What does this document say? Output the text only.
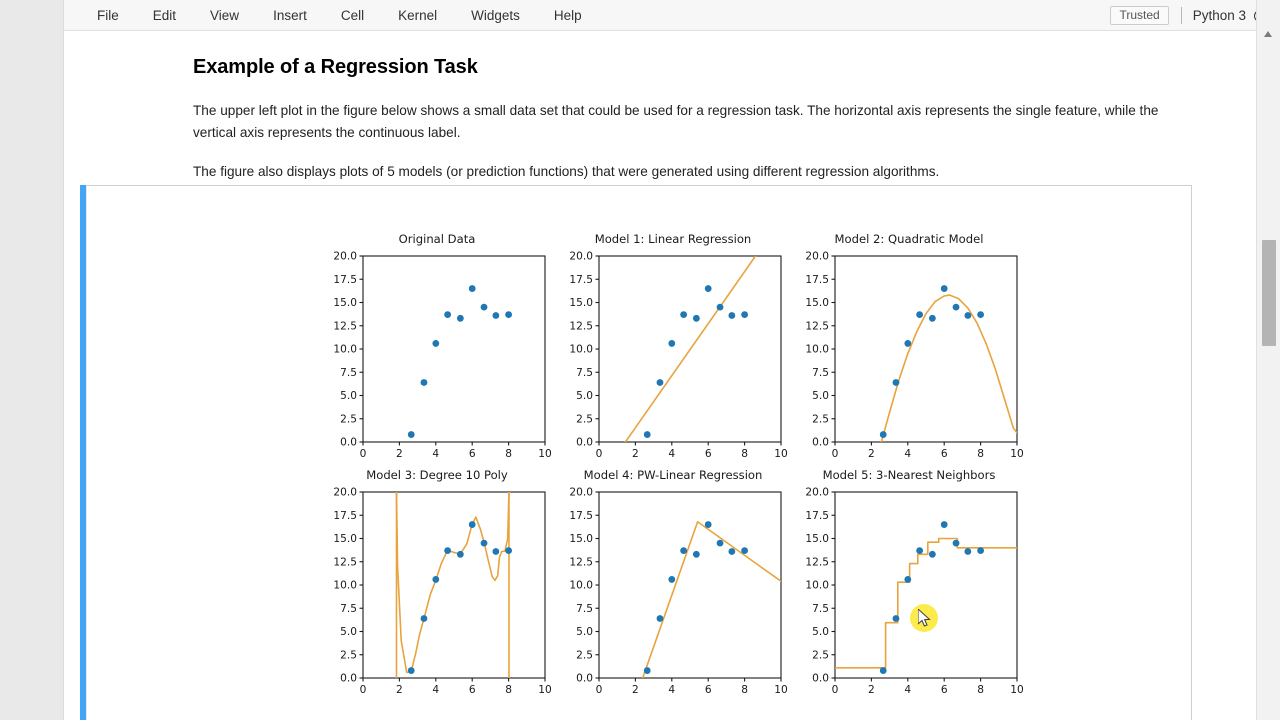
File	Edit	View	Insert	Cell	Kernel	Widgets	Help	Trusted	Python 3
Example of a Regression Task
The upper left plot in the figure below shows a small data set that could be used for a regression task. The horizontal axis represents the single feature, while the vertical axis represents the continuous label.
The figure also displays plots of 5 models (or prediction functions) that were generated using different regression algorithms.
Original Data
0.0
2.5
5.0
7.5
10.0
12.5
15.0
17.5
20.0
0	2	4	6	8 10
Model 1: Linear Regression
0.0
2.5
5.0
7.5
10.0
12.5
15.0
17.5
20.0
0	2	4	6	8 10
Model 2: Quadratic Model
0.0
2.5
5.0
7.5
10.0
12.5
15.0
17.5
20.0
0	2	4	6	8 10
Model 3: Degree 10 Poly
0.0
2.5
5.0
7.5
10.0
12.5
15.0
17.5
20.0
0	2	4	6	8 10
Model 4: PW-Linear Regression
0.0
2.5
5.0
7.5
10.0
12.5
15.0
17.5
20.0
0	2	4	6	8 10
Model 5: 3-Nearest Neighbors
0.0
2.5
5.0
7.5
10.0
12.5
15.0
17.5
20.0
0	2	4	6	8 10
